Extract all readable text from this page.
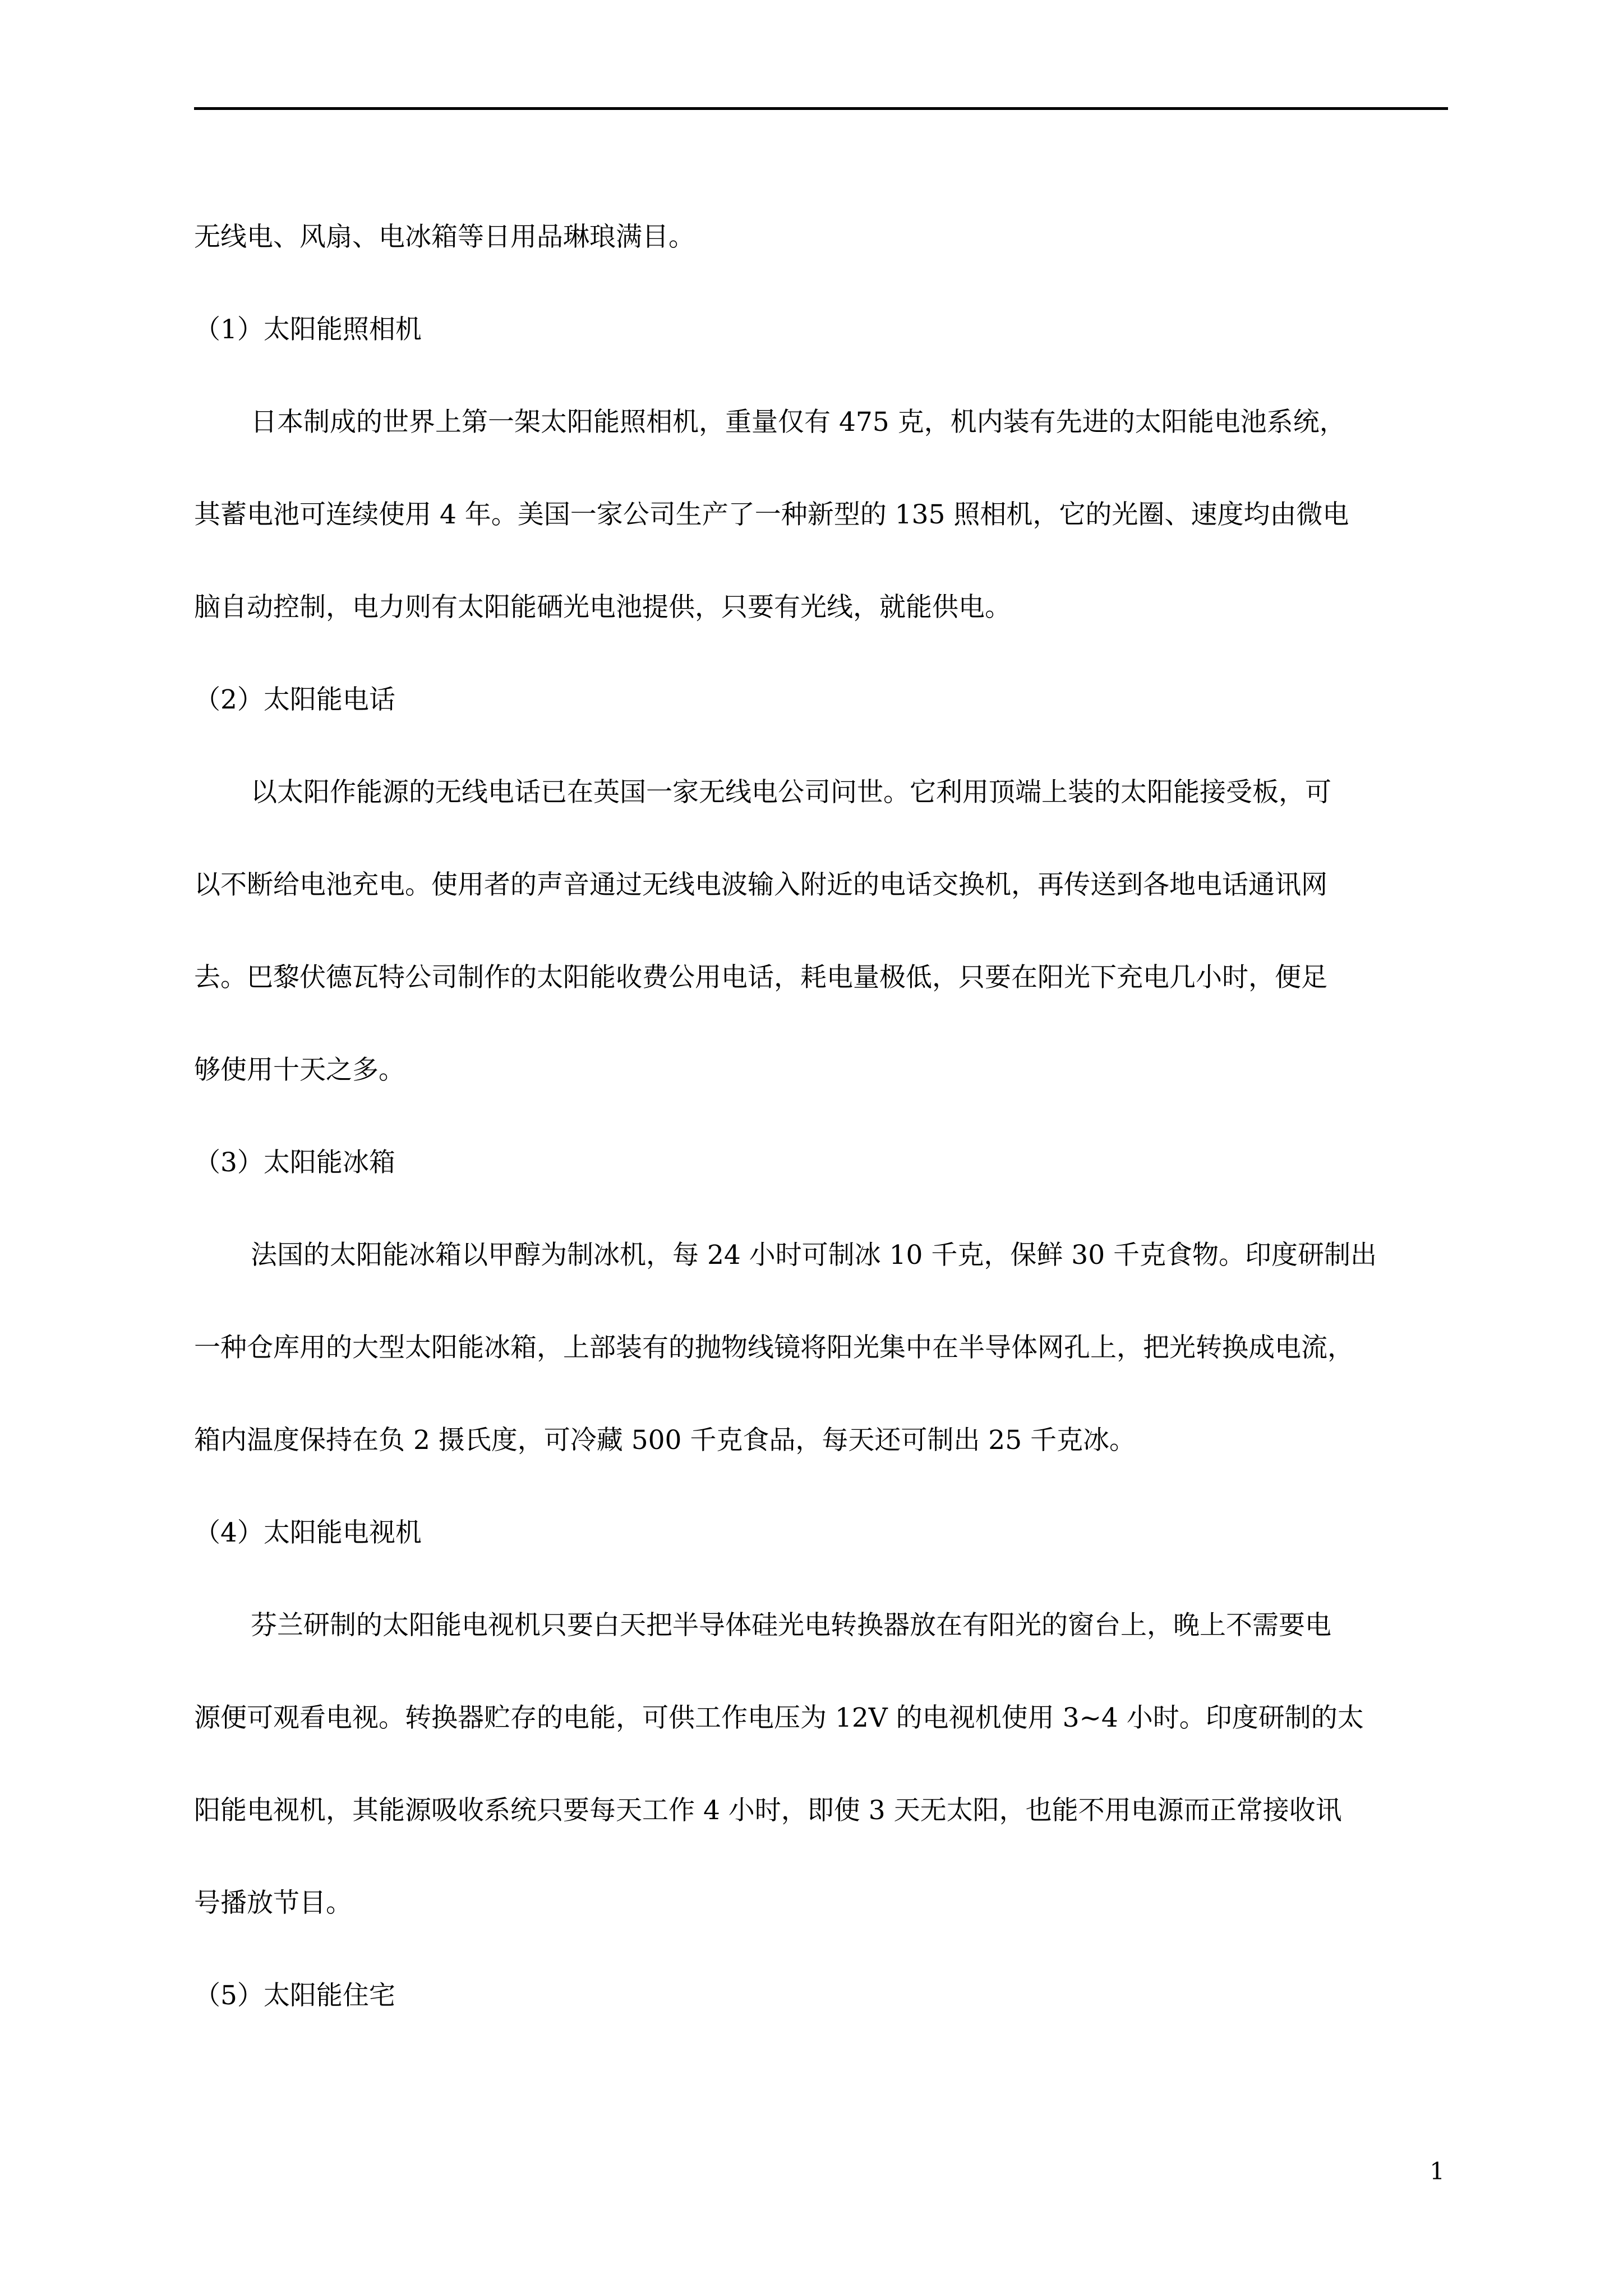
无线电、风扇、电冰箱等日用品琳琅满目。
（1）太阳能照相机
日本制成的世界上第一架太阳能照相机，重量仅有 475 克，机内装有先进的太阳能电池系统，
其蓄电池可连续使用 4 年。美国一家公司生产了一种新型的 135 照相机，它的光圈、速度均由微电
脑自动控制，电力则有太阳能硒光电池提供，只要有光线，就能供电。
（2）太阳能电话
以太阳作能源的无线电话已在英国一家无线电公司问世。它利用顶端上装的太阳能接受板，可
以不断给电池充电。使用者的声音通过无线电波输入附近的电话交换机，再传送到各地电话通讯网
去。巴黎伏德瓦特公司制作的太阳能收费公用电话，耗电量极低，只要在阳光下充电几小时，便足
够使用十天之多。
（3）太阳能冰箱
法国的太阳能冰箱以甲醇为制冰机，每 24 小时可制冰 10 千克，保鲜 30 千克食物。印度研制出
一种仓库用的大型太阳能冰箱，上部装有的抛物线镜将阳光集中在半导体网孔上，把光转换成电流，
箱内温度保持在负 2 摄氏度，可冷藏 500 千克食品，每天还可制出 25 千克冰。
（4）太阳能电视机
芬兰研制的太阳能电视机只要白天把半导体硅光电转换器放在有阳光的窗台上，晚上不需要电
源便可观看电视。转换器贮存的电能，可供工作电压为 12V 的电视机使用 3~4 小时。印度研制的太
阳能电视机，其能源吸收系统只要每天工作 4 小时，即使 3 天无太阳，也能不用电源而正常接收讯
号播放节目。
（5）太阳能住宅
1
